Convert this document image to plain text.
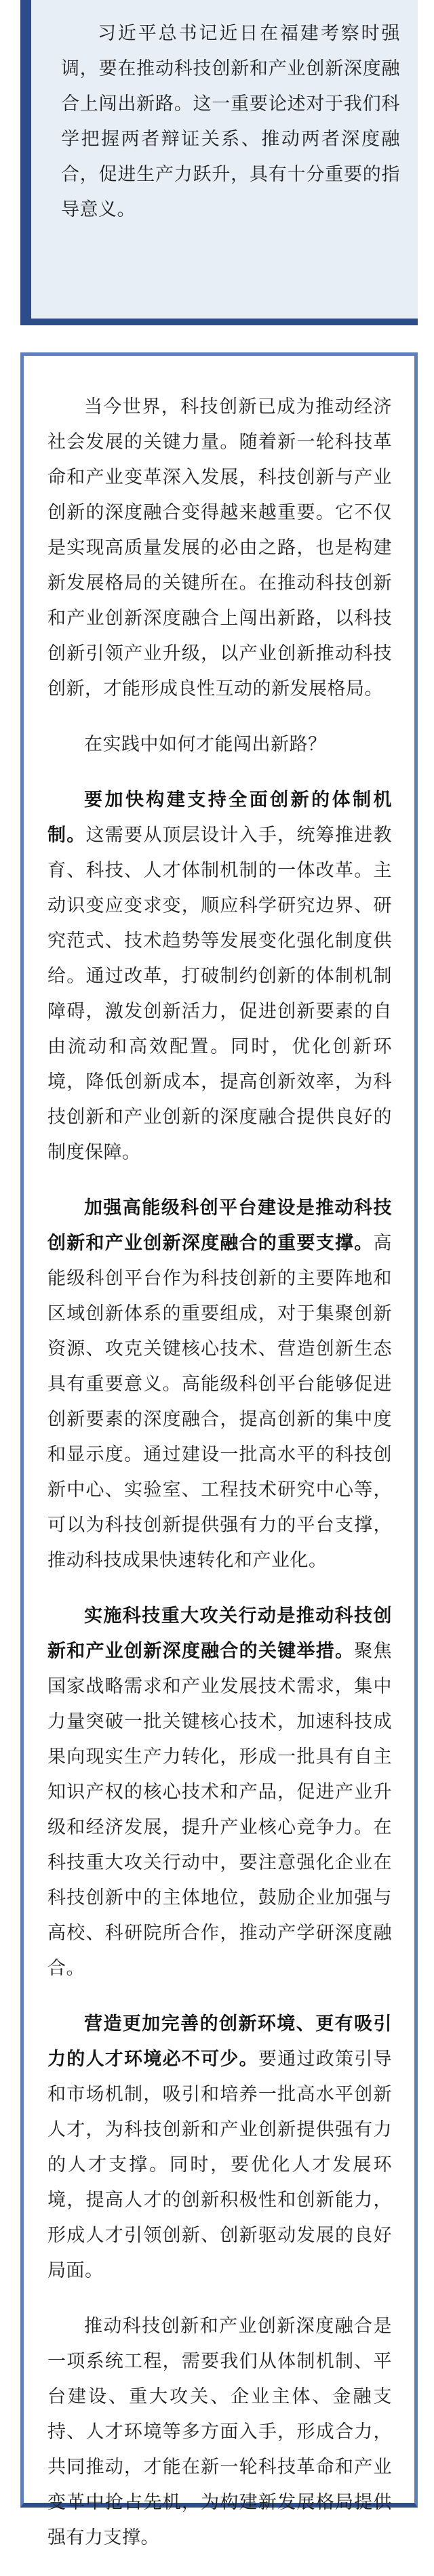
习近平总书记近日在福建考察时强调，要在推动科技创新和产业创新深度融合上闯出新路。这一重要论述对于我们科学把握两者辩证关系、推动两者深度融合，促进生产力跃升，具有十分重要的指导意义。

当今世界，科技创新已成为推动经济社会发展的关键力量。随着新一轮科技革命和产业变革深入发展，科技创新与产业创新的深度融合变得越来越重要。它不仅是实现高质量发展的必由之路，也是构建新发展格局的关键所在。在推动科技创新和产业创新深度融合上闯出新路，以科技创新引领产业升级，以产业创新推动科技创新，才能形成良性互动的新发展格局。

在实践中如何才能闯出新路？

要加快构建支持全面创新的体制机制。这需要从顶层设计入手，统筹推进教育、科技、人才体制机制的一体改革。主动识变应变求变，顺应科学研究边界、研究范式、技术趋势等发展变化强化制度供给。通过改革，打破制约创新的体制机制障碍，激发创新活力，促进创新要素的自由流动和高效配置。同时，优化创新环境，降低创新成本，提高创新效率，为科技创新和产业创新的深度融合提供良好的制度保障。

加强高能级科创平台建设是推动科技创新和产业创新深度融合的重要支撑。高能级科创平台作为科技创新的主要阵地和区域创新体系的重要组成，对于集聚创新资源、攻克关键核心技术、营造创新生态具有重要意义。高能级科创平台能够促进创新要素的深度融合，提高创新的集中度和显示度。通过建设一批高水平的科技创新中心、实验室、工程技术研究中心等，可以为科技创新提供强有力的平台支撑，推动科技成果快速转化和产业化。

实施科技重大攻关行动是推动科技创新和产业创新深度融合的关键举措。聚焦国家战略需求和产业发展技术需求，集中力量突破一批关键核心技术，加速科技成果向现实生产力转化，形成一批具有自主知识产权的核心技术和产品，促进产业升级和经济发展，提升产业核心竞争力。在科技重大攻关行动中，要注意强化企业在科技创新中的主体地位，鼓励企业加强与高校、科研院所合作，推动产学研深度融合。

营造更加完善的创新环境、更有吸引力的人才环境必不可少。要通过政策引导和市场机制，吸引和培养一批高水平创新人才，为科技创新和产业创新提供强有力的人才支撑。同时，要优化人才发展环境，提高人才的创新积极性和创新能力，形成人才引领创新、创新驱动发展的良好局面。

推动科技创新和产业创新深度融合是一项系统工程，需要我们从体制机制、平台建设、重大攻关、企业主体、金融支持、人才环境等多方面入手，形成合力，共同推动，才能在新一轮科技革命和产业变革中抢占先机，为构建新发展格局提供强有力支撑。
